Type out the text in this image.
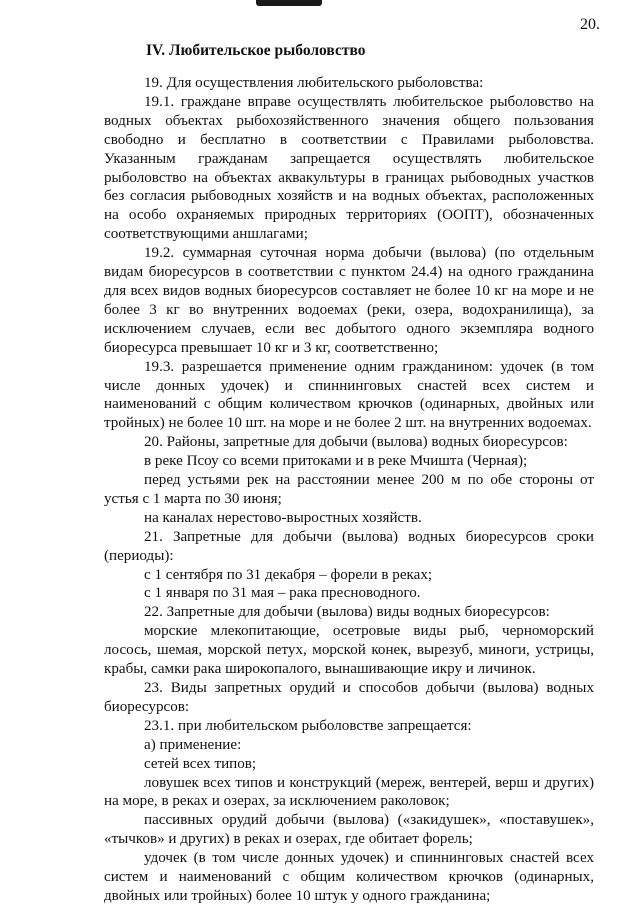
20.
IV. Любительское рыболовство

19. Для осуществления любительского рыболовства:

19.1. граждане вправе осуществлять любительское рыболовство на водных объектах рыбохозяйственного значения общего пользования свободно и бесплатно в соответствии с Правилами рыболовства. Указанным гражданам запрещается осуществлять любительское рыболовство на объектах аквакультуры в границах рыбоводных участков без согласия рыбоводных хозяйств и на водных объектах, расположенных на особо охраняемых природных территориях (ООПТ), обозначенных соответствующими аншлагами;

19.2. суммарная суточная норма добычи (вылова) (по отдельным видам биоресурсов в соответствии с пунктом 24.4) на одного гражданина для всех видов водных биоресурсов составляет не более 10 кг на море и не более 3 кг во внутренних водоемах (реки, озера, водохранилища), за исключением случаев, если вес добытого одного экземпляра водного биоресурса превышает 10 кг и 3 кг, соответственно;

19.3. разрешается применение одним гражданином: удочек (в том числе донных удочек) и спиннинговых снастей всех систем и наименований с общим количеством крючков (одинарных, двойных или тройных) не более 10 шт. на море и не более 2 шт. на внутренних водоемах.

20. Районы, запретные для добычи (вылова) водных биоресурсов:

в реке Псоу со всеми притоками и в реке Мчишта (Черная);

перед устьями рек на расстоянии менее 200 м по обе стороны от устья с 1 марта по 30 июня;

на каналах нерестово-выростных хозяйств.

21. Запретные для добычи (вылова) водных биоресурсов сроки (периоды):

с 1 сентября по 31 декабря – форели в реках;

с 1 января по 31 мая – рака пресноводного.

22. Запретные для добычи (вылова) виды водных биоресурсов:

морские млекопитающие, осетровые виды рыб, черноморский лосось, шемая, морской петух, морской конек, вырезуб, миноги, устрицы, крабы, самки рака широкопалого, вынашивающие икру и личинок.

23. Виды запретных орудий и способов добычи (вылова) водных биоресурсов:

23.1. при любительском рыболовстве запрещается:

а) применение:

сетей всех типов;

ловушек всех типов и конструкций (мереж, вентерей, верш и других) на море, в реках и озерах, за исключением раколовок;

пассивных орудий добычи (вылова) («закидушек», «поставушек», «тычков» и других) в реках и озерах, где обитает форель;

удочек (в том числе донных удочек) и спиннинговых снастей всех систем и наименований с общим количеством крючков (одинарных, двойных или тройных) более 10 штук у одного гражданина;
